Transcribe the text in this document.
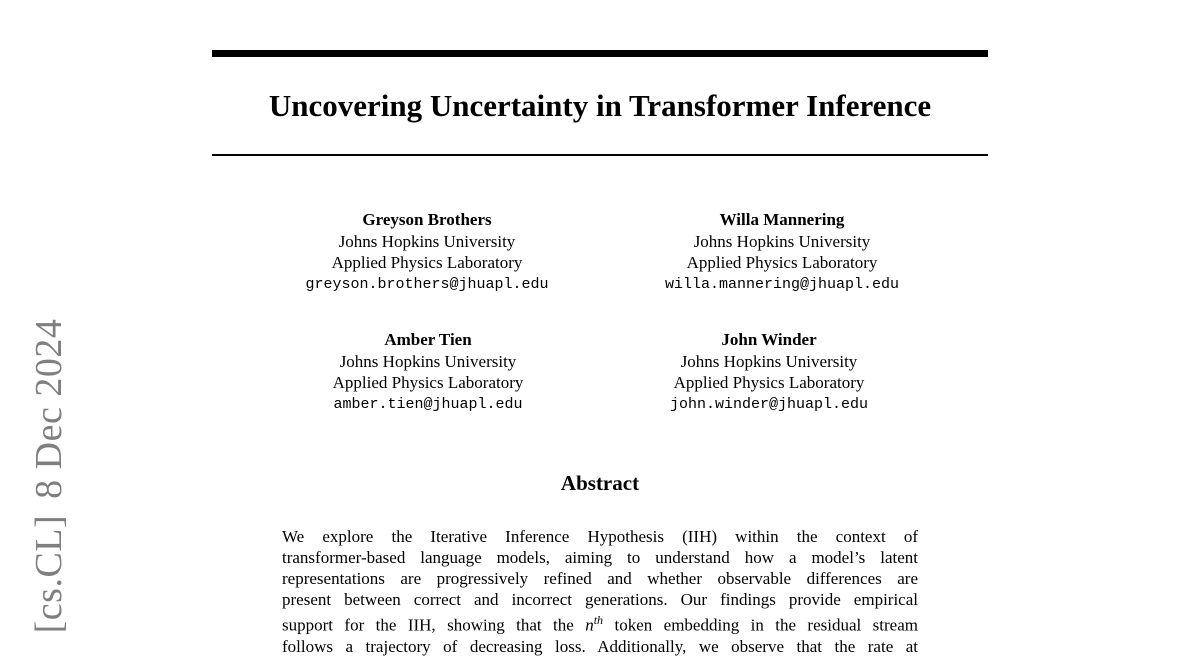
[cs.CL]8 Dec 2024
Uncovering Uncertainty in Transformer Inference
Greyson Brothers
Johns Hopkins University
Applied Physics Laboratory
greyson.brothers@jhuapl.edu
Willa Mannering
Johns Hopkins University
Applied Physics Laboratory
willa.mannering@jhuapl.edu
Amber Tien
Johns Hopkins University
Applied Physics Laboratory
amber.tien@jhuapl.edu
John Winder
Johns Hopkins University
Applied Physics Laboratory
john.winder@jhuapl.edu
Abstract
We explore the Iterative Inference Hypothesis (IIH) within the context of
transformer-based language models, aiming to understand how a model’s latent
representations are progressively refined and whether observable differences are
present between correct and incorrect generations. Our findings provide empirical
support for the IIH, showing that the $n^{th}$ token embedding in the residual stream
follows a trajectory of decreasing loss. Additionally, we observe that the rate at
